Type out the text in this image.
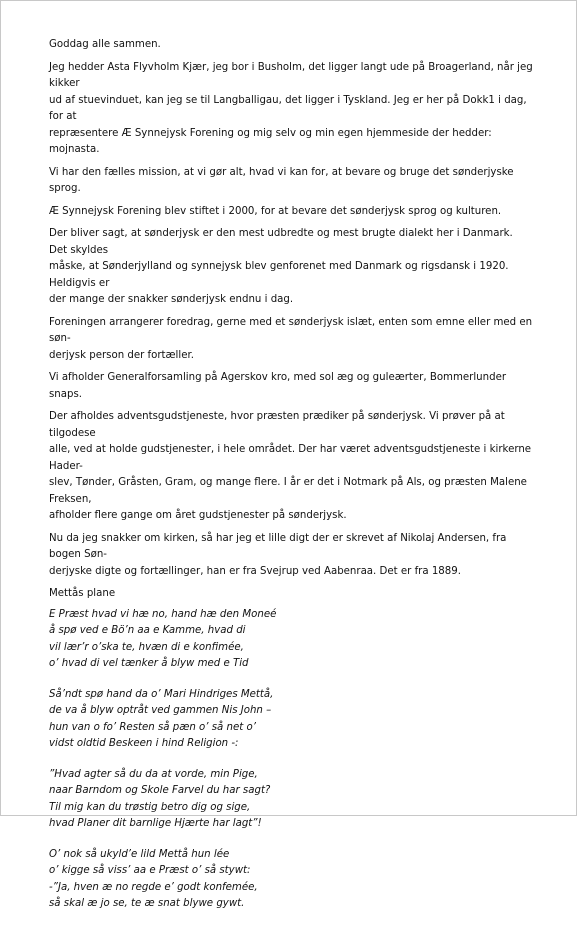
Goddag alle sammen.

Jeg hedder Asta Flyvholm Kjær, jeg bor i Busholm, det ligger langt ude på Broagerland, når jeg kikker
ud af stuevinduet, kan jeg se til Langballigau, det ligger i Tyskland. Jeg er her på Dokk1 i dag, for at
repræsentere Æ Synnejysk Forening og mig selv og min egen hjemmeside der hedder: mojnasta.

Vi har den fælles mission, at vi gør alt, hvad vi kan for, at bevare og bruge det sønderjyske sprog.

Æ Synnejysk Forening blev stiftet i 2000, for at bevare det sønderjysk sprog og kulturen.

Der bliver sagt, at sønderjysk er den mest udbredte og mest brugte dialekt her i Danmark. Det skyldes
måske, at Sønderjylland og synnejysk blev genforenet med Danmark og rigsdansk i 1920. Heldigvis er
der mange der snakker sønderjysk endnu i dag.

Foreningen arrangerer foredrag, gerne med et sønderjysk islæt, enten som emne eller med en søn-
derjysk person der fortæller.

Vi afholder Generalforsamling på Agerskov kro, med sol æg og guleærter, Bommerlunder snaps.

Der afholdes adventsgudstjeneste, hvor præsten prædiker på sønderjysk. Vi prøver på at tilgodese
alle, ved at holde gudstjenester, i hele området. Der har været adventsgudstjeneste i kirkerne Hader-
slev, Tønder, Gråsten, Gram, og mange flere. I år er det i Notmark på Als, og præsten Malene Freksen,
afholder flere gange om året gudstjenester på sønderjysk.

Nu da jeg snakker om kirken, så har jeg et lille digt der er skrevet af Nikolaj Andersen, fra bogen Søn-
derjyske digte og fortællinger, han er fra Svejrup ved Aabenraa. Det er fra 1889.

Mettås plane

E Præst hvad vi hæ no, hand hæ den Moneé
å spø ved e Bö’n aa e Kamme, hvad di
vil lær’r o’ska te, hvæn di e konfimée,
o’ hvad di vel tænker å blyw med e Tid
Så’ndt spø hand da o’ Mari Hindriges Mettå,
de va å blyw optråt ved gammen Nis John –
hun van o fo’ Resten så pæn o’ så net o’
vidst oldtid Beskeen i hind Religion -:
”Hvad agter så du da at vorde, min Pige,
naar Barndom og Skole Farvel du har sagt?
Til mig kan du trøstig betro dig og sige,
hvad Planer dit barnlige Hjærte har lagt”!
O’ nok så ukyld’e lild Mettå hun lée
o’ kigge så viss’ aa e Præst o’ så stywt:
-”Ja, hven æ no regde e’ godt konfemée,
så skal æ jo se, te æ snat blywe gywt.
